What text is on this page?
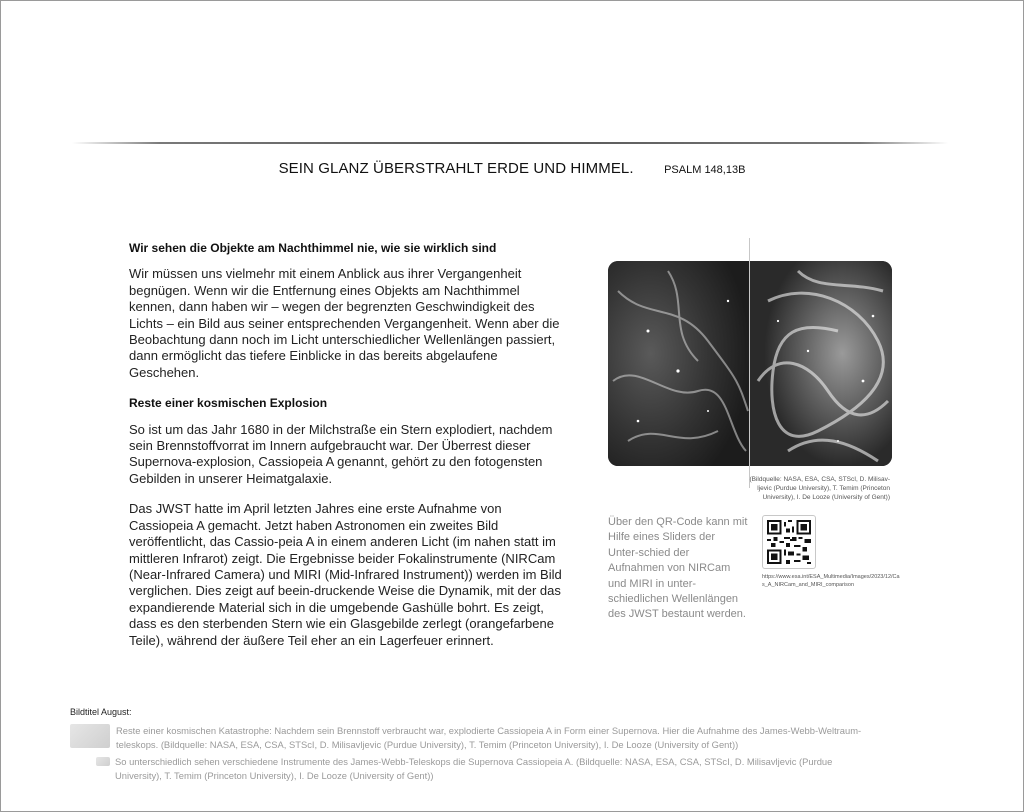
SEIN GLANZ ÜBERSTRAHLT ERDE UND HIMMEL.	PSALM 148,13B
Wir sehen die Objekte am Nachthimmel nie, wie sie wirklich sind
Wir müssen uns vielmehr mit einem Anblick aus ihrer Vergangenheit begnügen. Wenn wir die Entfernung eines Objekts am Nachthimmel kennen, dann haben wir – wegen der begrenzten Geschwindigkeit des Lichts – ein Bild aus seiner entsprechenden Vergangenheit. Wenn aber die Beobachtung dann noch im Licht unterschiedlicher Wellenlängen passiert, dann ermöglicht das tiefere Einblicke in das bereits abgelaufene Geschehen.
Reste einer kosmischen Explosion
So ist um das Jahr 1680 in der Milchstraße ein Stern explodiert, nachdem sein Brennstoffvorrat im Innern aufgebraucht war. Der Überrest dieser Supernova-explosion, Cassiopeia A genannt, gehört zu den fotogensten Gebilden in unserer Heimatgalaxie.
Das JWST hatte im April letzten Jahres eine erste Aufnahme von Cassiopeia A gemacht. Jetzt haben Astronomen ein zweites Bild veröffentlicht, das Cassio-peia A in einem anderen Licht (im nahen statt im mittleren Infrarot) zeigt. Die Ergebnisse beider Fokalinstrumente (NIRCam (Near-Infrared Camera) und MIRI (Mid-Infrared Instrument)) werden im Bild verglichen. Dies zeigt auf beein-druckende Weise die Dynamik, mit der das expandierende Material sich in die umgebende Gashülle bohrt. Es zeigt, dass es den sterbenden Stern wie ein Glasgebilde zerlegt (orangefarbene Teile), während der äußere Teil eher an ein Lagerfeuer erinnert.
(Bildquelle: NASA, ESA, CSA, STScI, D. Milisav-ljevic (Purdue University), T. Temim (Princeton University), I. De Looze (University of Gent))
Über den QR-Code kann mit Hilfe eines Sliders der Unter-schied der Aufnahmen von NIRCam und MIRI in unter-schiedlichen Wellenlängen des JWST bestaunt werden.
https://www.esa.int/ESA_Multimedia/Images/2023/12/Cas_A_NIRCam_and_MIRI_comparison
Bildtitel August:
Reste einer kosmischen Katastrophe: Nachdem sein Brennstoff verbraucht war, explodierte Cassiopeia A in Form einer Supernova. Hier die Aufnahme des James-Webb-Weltraum-teleskops. (Bildquelle: NASA, ESA, CSA, STScI, D. Milisavljevic (Purdue University), T. Temim (Princeton University), I. De Looze (University of Gent))
So unterschiedlich sehen verschiedene Instrumente des James-Webb-Teleskops die Supernova Cassiopeia A. (Bildquelle: NASA, ESA, CSA, STScI, D. Milisavljevic (Purdue University), T. Temim (Princeton University), I. De Looze (University of Gent))
